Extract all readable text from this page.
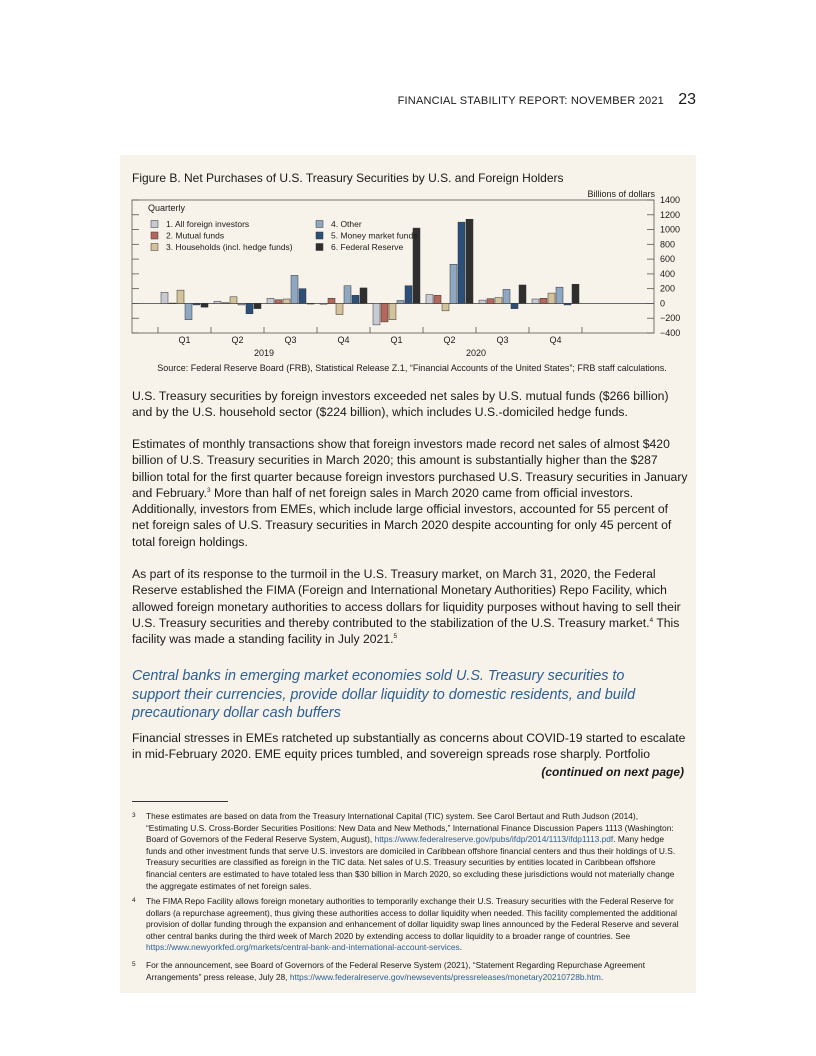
FINANCIAL STABILITY REPORT: NOVEMBER 2021 23
Figure B. Net Purchases of U.S. Treasury Securities by U.S. and Foreign Holders
Billions of dollars
Quarterly
1. All foreign investors
2. Mutual funds
3. Households (incl. hedge funds)
4. Other
5. Money market funds
6. Federal Reserve
Q1	Q2	Q3	Q4	Q1	Q2	Q3	Q4
2019	2020
1400
1200
1000
800
600
400
200
0
−200
−400
Source: Federal Reserve Board (FRB), Statistical Release Z.1, “Financial Accounts of the United States”; FRB staff calculations.
U.S. Treasury securities by foreign investors exceeded net sales by U.S. mutual funds ($266 billion) and by the U.S. household sector ($224 billion), which includes U.S.-domiciled hedge funds.
Estimates of monthly transactions show that foreign investors made record net sales of almost $420 billion of U.S. Treasury securities in March 2020; this amount is substantially higher than the $287 billion total for the first quarter because foreign investors purchased U.S. Treasury securities in January and February.$^3$ More than half of net foreign sales in March 2020 came from official investors. Additionally, investors from EMEs, which include large official investors, accounted for 55 percent of net foreign sales of U.S. Treasury securities in March 2020 despite accounting for only 45 percent of total foreign holdings.
As part of its response to the turmoil in the U.S. Treasury market, on March 31, 2020, the Federal Reserve established the FIMA (Foreign and International Monetary Authorities) Repo Facility, which allowed foreign monetary authorities to access dollars for liquidity purposes without having to sell their U.S. Treasury securities and thereby contributed to the stabilization of the U.S. Treasury market.$^4$ This facility was made a standing facility in July 2021.$^5$
Central banks in emerging market economies sold U.S. Treasury securities to support their currencies, provide dollar liquidity to domestic residents, and build precautionary dollar cash buffers
Financial stresses in EMEs ratcheted up substantially as concerns about COVID-19 started to escalate in mid-February 2020. EME equity prices tumbled, and sovereign spreads rose sharply. Portfolio
(continued on next page)
3 These estimates are based on data from the Treasury International Capital (TIC) system. See Carol Bertaut and Ruth Judson (2014), “Estimating U.S. Cross-Border Securities Positions: New Data and New Methods,” International Finance Discussion Papers 1113 (Washington: Board of Governors of the Federal Reserve System, August), https://www.federalreserve.gov/pubs/ifdp/2014/1113/ifdp1113.pdf. Many hedge funds and other investment funds that serve U.S. investors are domiciled in Caribbean offshore financial centers and thus their holdings of U.S. Treasury securities are classified as foreign in the TIC data. Net sales of U.S. Treasury securities by entities located in Caribbean offshore financial centers are estimated to have totaled less than $30 billion in March 2020, so excluding these jurisdictions would not materially change the aggregate estimates of net foreign sales.
4 The FIMA Repo Facility allows foreign monetary authorities to temporarily exchange their U.S. Treasury securities with the Federal Reserve for dollars (a repurchase agreement), thus giving these authorities access to dollar liquidity when needed. This facility complemented the additional provision of dollar funding through the expansion and enhancement of dollar liquidity swap lines announced by the Federal Reserve and several other central banks during the third week of March 2020 by extending access to dollar liquidity to a broader range of countries. See https://www.newyorkfed.org/markets/central-bank-and-international-account-services.
5 For the announcement, see Board of Governors of the Federal Reserve System (2021), “Statement Regarding Repurchase Agreement Arrangements” press release, July 28, https://www.federalreserve.gov/newsevents/pressreleases/monetary20210728b.htm.
